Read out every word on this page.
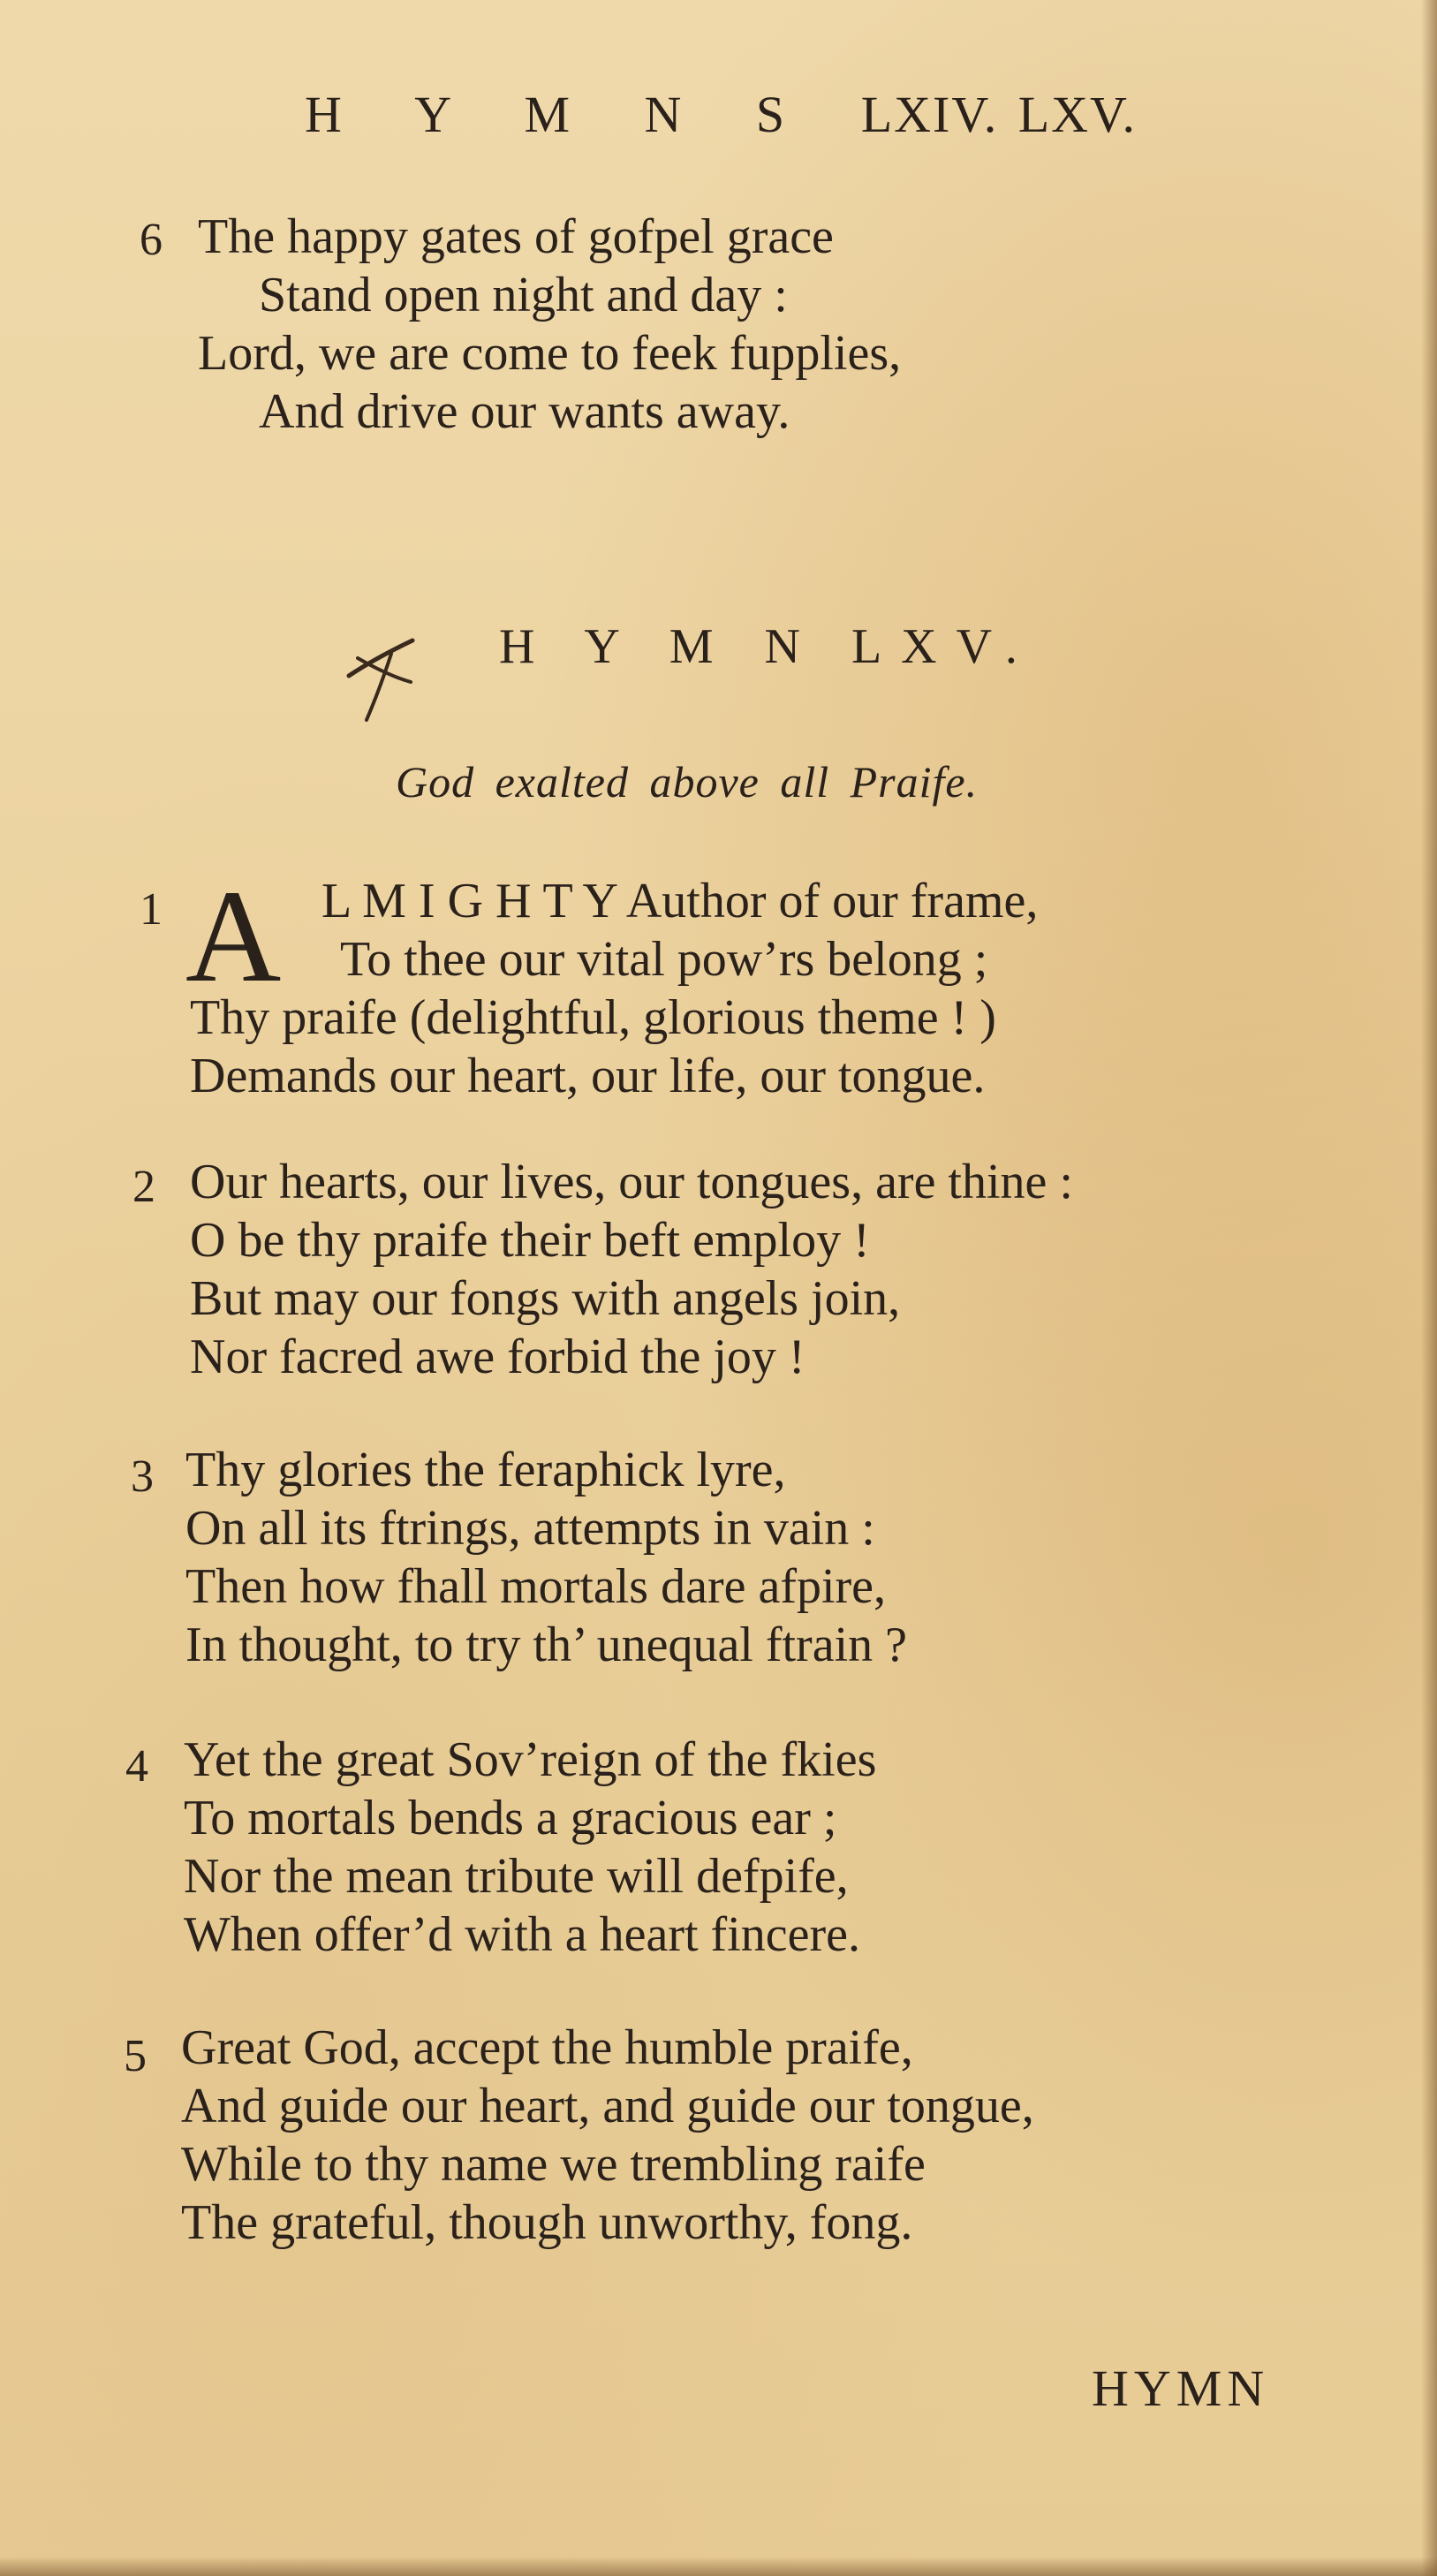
H Y M N S LXIV. LXV.
6 The happy gates of gofpel grace
Stand open night and day :
Lord, we are come to feek fupplies,
And drive our wants away.
H Y M N LXV.
God exalted above all Praife.
A
1	L M I G H T Y Author of our frame,
To thee our vital pow’rs belong ;
Thy praife (delightful, glorious theme ! )
Demands our heart, our life, our tongue.
2 Our hearts, our lives, our tongues, are thine :
O be thy praife their beft employ !
But may our fongs with angels join,
Nor facred awe forbid the joy !
3 Thy glories the feraphick lyre,
On all its ftrings, attempts in vain :
Then how fhall mortals dare afpire,
In thought, to try th’ unequal ftrain ?
4 Yet the great Sov’reign of the fkies
To mortals bends a gracious ear ;
Nor the mean tribute will defpife,
When offer’d with a heart fincere.
5 Great God, accept the humble praife,
And guide our heart, and guide our tongue,
While to thy name we trembling raife
The grateful, though unworthy, fong.
HYMN
